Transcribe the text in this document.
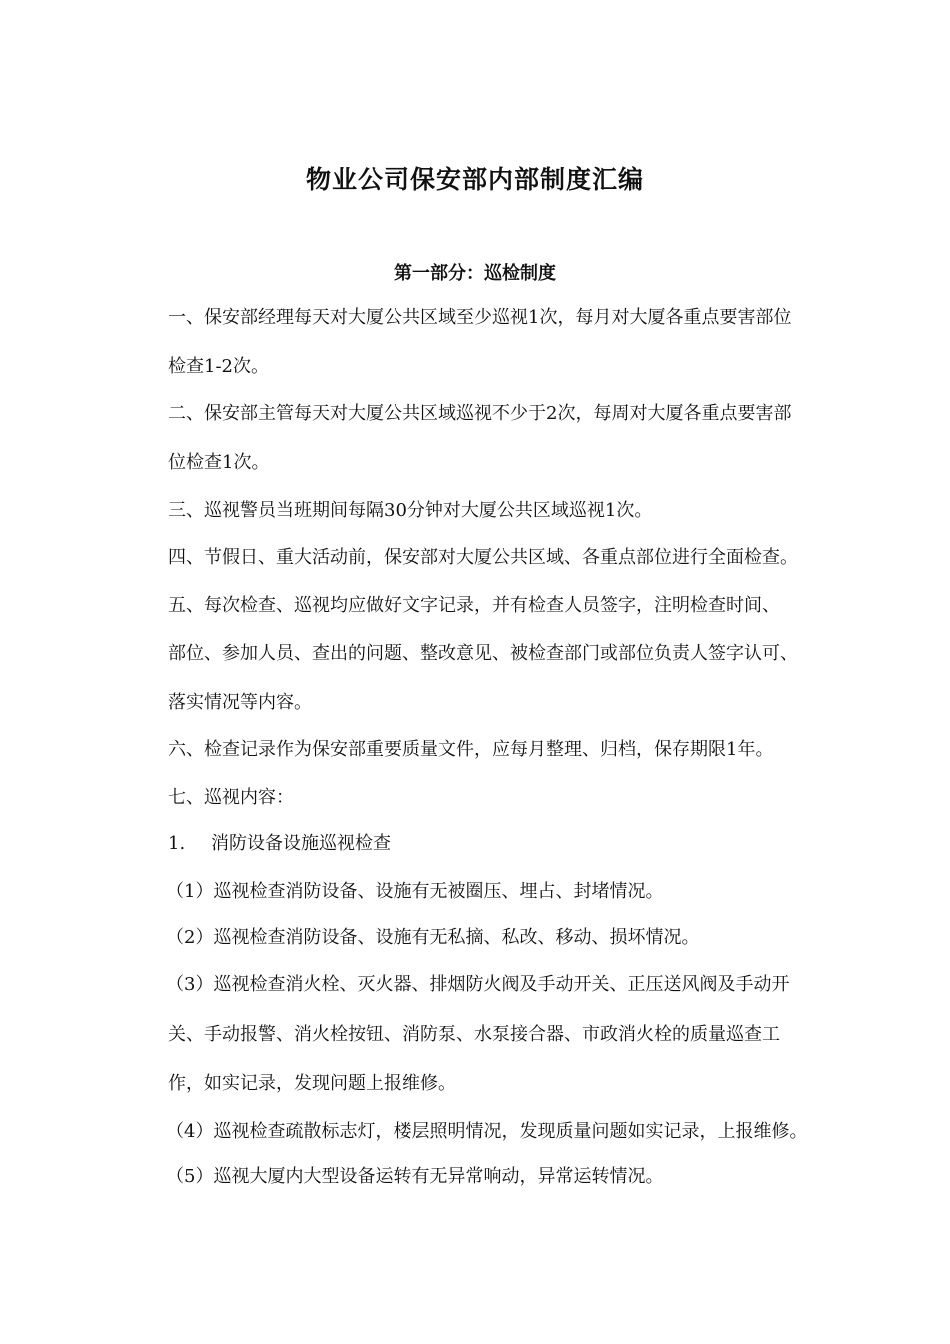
物业公司保安部内部制度汇编
第一部分：巡检制度
一、保安部经理每天对大厦公共区域至少巡视1次，每月对大厦各重点要害部位
检查1-2次。
二、保安部主管每天对大厦公共区域巡视不少于2次，每周对大厦各重点要害部
位检查1次。
三、巡视警员当班期间每隔30分钟对大厦公共区域巡视1次。
四、节假日、重大活动前，保安部对大厦公共区域、各重点部位进行全面检查。
五、每次检查、巡视均应做好文字记录，并有检查人员签字，注明检查时间、
部位、参加人员、查出的问题、整改意见、被检查部门或部位负责人签字认可、
落实情况等内容。
六、检查记录作为保安部重要质量文件，应每月整理、归档，保存期限1年。
七、巡视内容：
1. 消防设备设施巡视检查
（1）巡视检查消防设备、设施有无被圈压、埋占、封堵情况。
（2）巡视检查消防设备、设施有无私摘、私改、移动、损坏情况。
（3）巡视检查消火栓、灭火器、排烟防火阀及手动开关、正压送风阀及手动开
关、手动报警、消火栓按钮、消防泵、水泵接合器、市政消火栓的质量巡查工
作，如实记录，发现问题上报维修。
（4）巡视检查疏散标志灯，楼层照明情况，发现质量问题如实记录，上报维修。
（5）巡视大厦内大型设备运转有无异常响动，异常运转情况。
